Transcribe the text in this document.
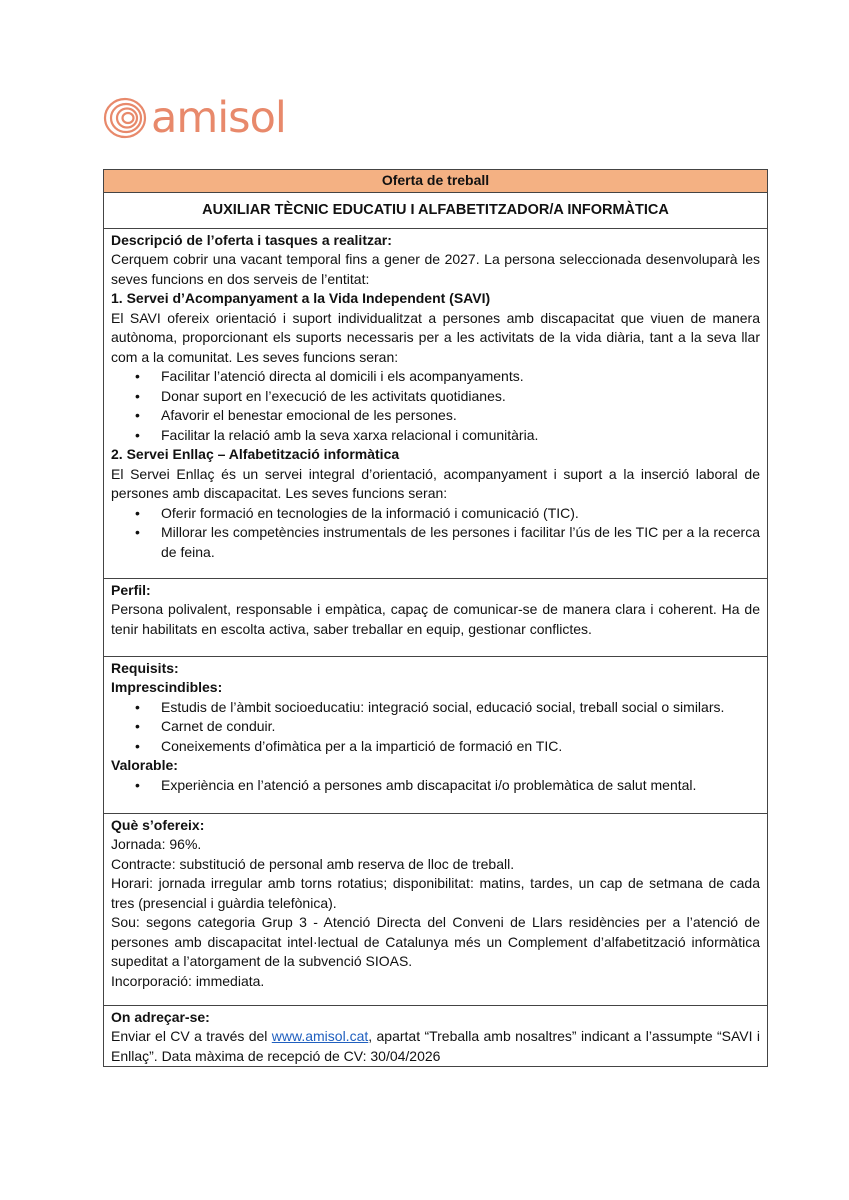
amisol
Oferta de treball
AUXILIAR TÈCNIC EDUCATIU I ALFABETITZADOR/A INFORMÀTICA

Descripció de l’oferta i tasques a realitzar:
Cerquem cobrir una vacant temporal fins a gener de 2027. La persona seleccionada desenvoluparà les seves funcions en dos serveis de l’entitat:
1. Servei d’Acompanyament a la Vida Independent (SAVI)
El SAVI ofereix orientació i suport individualitzat a persones amb discapacitat que viuen de manera autònoma, proporcionant els suports necessaris per a les activitats de la vida diària, tant a la seva llar com a la comunitat. Les seves funcions seran:
• Facilitar l’atenció directa al domicili i els acompanyaments.
• Donar suport en l’execució de les activitats quotidianes.
• Afavorir el benestar emocional de les persones.
• Facilitar la relació amb la seva xarxa relacional i comunitària.
2. Servei Enllaç – Alfabetització informàtica
El Servei Enllaç és un servei integral d’orientació, acompanyament i suport a la inserció laboral de persones amb discapacitat. Les seves funcions seran:
• Oferir formació en tecnologies de la informació i comunicació (TIC).
• Millorar les competències instrumentals de les persones i facilitar l’ús de les TIC per a la recerca de feina.

Perfil:
Persona polivalent, responsable i empàtica, capaç de comunicar-se de manera clara i coherent. Ha de tenir habilitats en escolta activa, saber treballar en equip, gestionar conflictes.

Requisits:
Imprescindibles:
• Estudis de l’àmbit socioeducatiu: integració social, educació social, treball social o similars.
• Carnet de conduir.
• Coneixements d’ofimàtica per a la impartició de formació en TIC.
Valorable:
• Experiència en l’atenció a persones amb discapacitat i/o problemàtica de salut mental.

Què s’ofereix:
Jornada: 96%.
Contracte: substitució de personal amb reserva de lloc de treball.
Horari: jornada irregular amb torns rotatius; disponibilitat: matins, tardes, un cap de setmana de cada tres (presencial i guàrdia telefònica).
Sou: segons categoria Grup 3 - Atenció Directa del Conveni de Llars residències per a l’atenció de persones amb discapacitat intel·lectual de Catalunya més un Complement d’alfabetització informàtica supeditat a l’atorgament de la subvenció SIOAS.
Incorporació: immediata.

On adreçar-se:
Enviar el CV a través del www.amisol.cat, apartat “Treballa amb nosaltres” indicant a l’assumpte “SAVI i Enllaç”. Data màxima de recepció de CV: 30/04/2026
